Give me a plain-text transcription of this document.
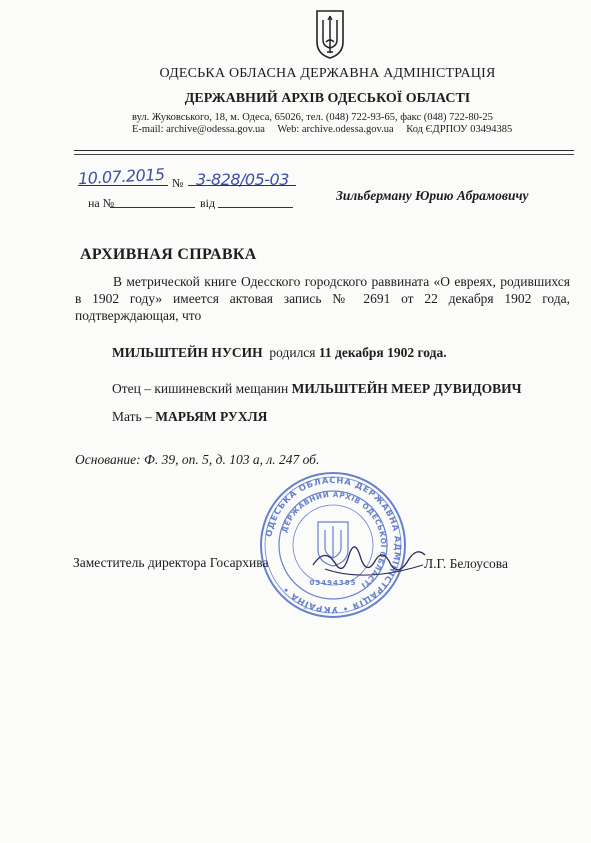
ОДЕСЬКА ОБЛАСНА ДЕРЖАВНА АДМІНІСТРАЦІЯ
ДЕРЖАВНИЙ АРХІВ ОДЕСЬКОЇ ОБЛАСТІ
вул. Жуковського, 18, м. Одеса, 65026, тел. (048) 722-93-65, факс (048) 722-80-25
E-mail: archive@odessa.gov.ua Web: archive.odessa.gov.ua Код ЄДРПОУ 03494385
10.07.2015 № 3-828/05-03
на №	від	Зильберману Юрию Абрамовичу
АРХИВНАЯ СПРАВКА
В метрической книге Одесского городского раввината «О евреях, родившихся в 1902 году» имеется актовая запись № 2691 от 22 декабря 1902 года, подтверждающая, что
МИЛЬШТЕЙН НУСИН родился 11 декабря 1902 года.
Отец – кишиневский мещанин МИЛЬШТЕЙН МЕЕР ДУВИДОВИЧ
Мать – МАРЬЯМ РУХЛЯ
Основание: Ф. 39, оп. 5, д. 103 а, л. 247 об.
ОДЕСЬКА ОБЛАСНА ДЕРЖАВНА АДМІНІСТРАЦІЯ • УКРАЇНА •
ДЕРЖАВНИЙ АРХІВ ОДЕСЬКОЇ ОБЛАСТІ
03494385
Заместитель директора Госархива	Л.Г. Белоусова
